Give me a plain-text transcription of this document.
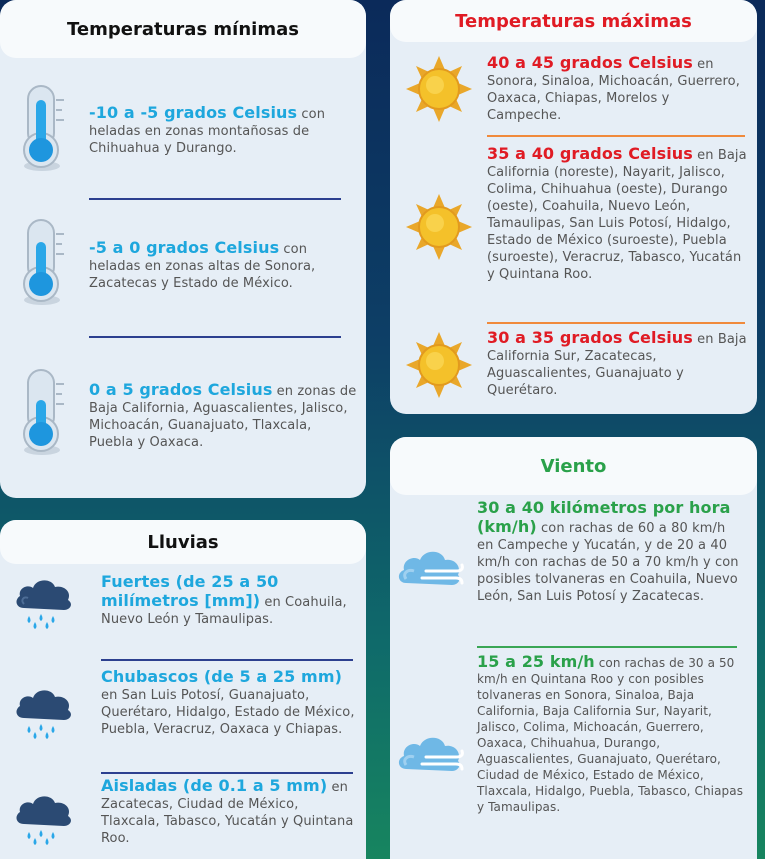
Temperaturas mínimas

-10 a -5 grados Celsius con heladas en zonas montañosas de Chihuahua y Durango.

-5 a 0 grados Celsius con heladas en zonas altas de Sonora, Zacatecas y Estado de México.

0 a 5 grados Celsius en zonas de Baja California, Aguascalientes, Jalisco, Michoacán, Guanajuato, Tlaxcala, Puebla y Oaxaca.

Temperaturas máximas

40 a 45 grados Celsius en Sonora, Sinaloa, Michoacán, Guerrero, Oaxaca, Chiapas, Morelos y Campeche.

35 a 40 grados Celsius en Baja California (noreste), Nayarit, Jalisco, Colima, Chihuahua (oeste), Durango (oeste), Coahuila, Nuevo León, Tamaulipas, San Luis Potosí, Hidalgo, Estado de México (suroeste), Puebla (suroeste), Veracruz, Tabasco, Yucatán y Quintana Roo.

30 a 35 grados Celsius en Baja California Sur, Zacatecas, Aguascalientes, Guanajuato y Querétaro.

Lluvias

Fuertes (de 25 a 50 milímetros [mm]) en Coahuila, Nuevo León y Tamaulipas.

Chubascos (de 5 a 25 mm) en San Luis Potosí, Guanajuato, Querétaro, Hidalgo, Estado de México, Puebla, Veracruz, Oaxaca y Chiapas.

Aisladas (de 0.1 a 5 mm) en Zacatecas, Ciudad de México, Tlaxcala, Tabasco, Yucatán y Quintana Roo.

Viento

30 a 40 kilómetros por hora (km/h) con rachas de 60 a 80 km/h en Campeche y Yucatán, y de 20 a 40 km/h con rachas de 50 a 70 km/h y con posibles tolvaneras en Coahuila, Nuevo León, San Luis Potosí y Zacatecas.

15 a 25 km/h con rachas de 30 a 50 km/h en Quintana Roo y con posibles tolvaneras en Sonora, Sinaloa, Baja California, Baja California Sur, Nayarit, Jalisco, Colima, Michoacán, Guerrero, Oaxaca, Chihuahua, Durango, Aguascalientes, Guanajuato, Querétaro, Ciudad de México, Estado de México, Tlaxcala, Hidalgo, Puebla, Tabasco, Chiapas y Tamaulipas.
